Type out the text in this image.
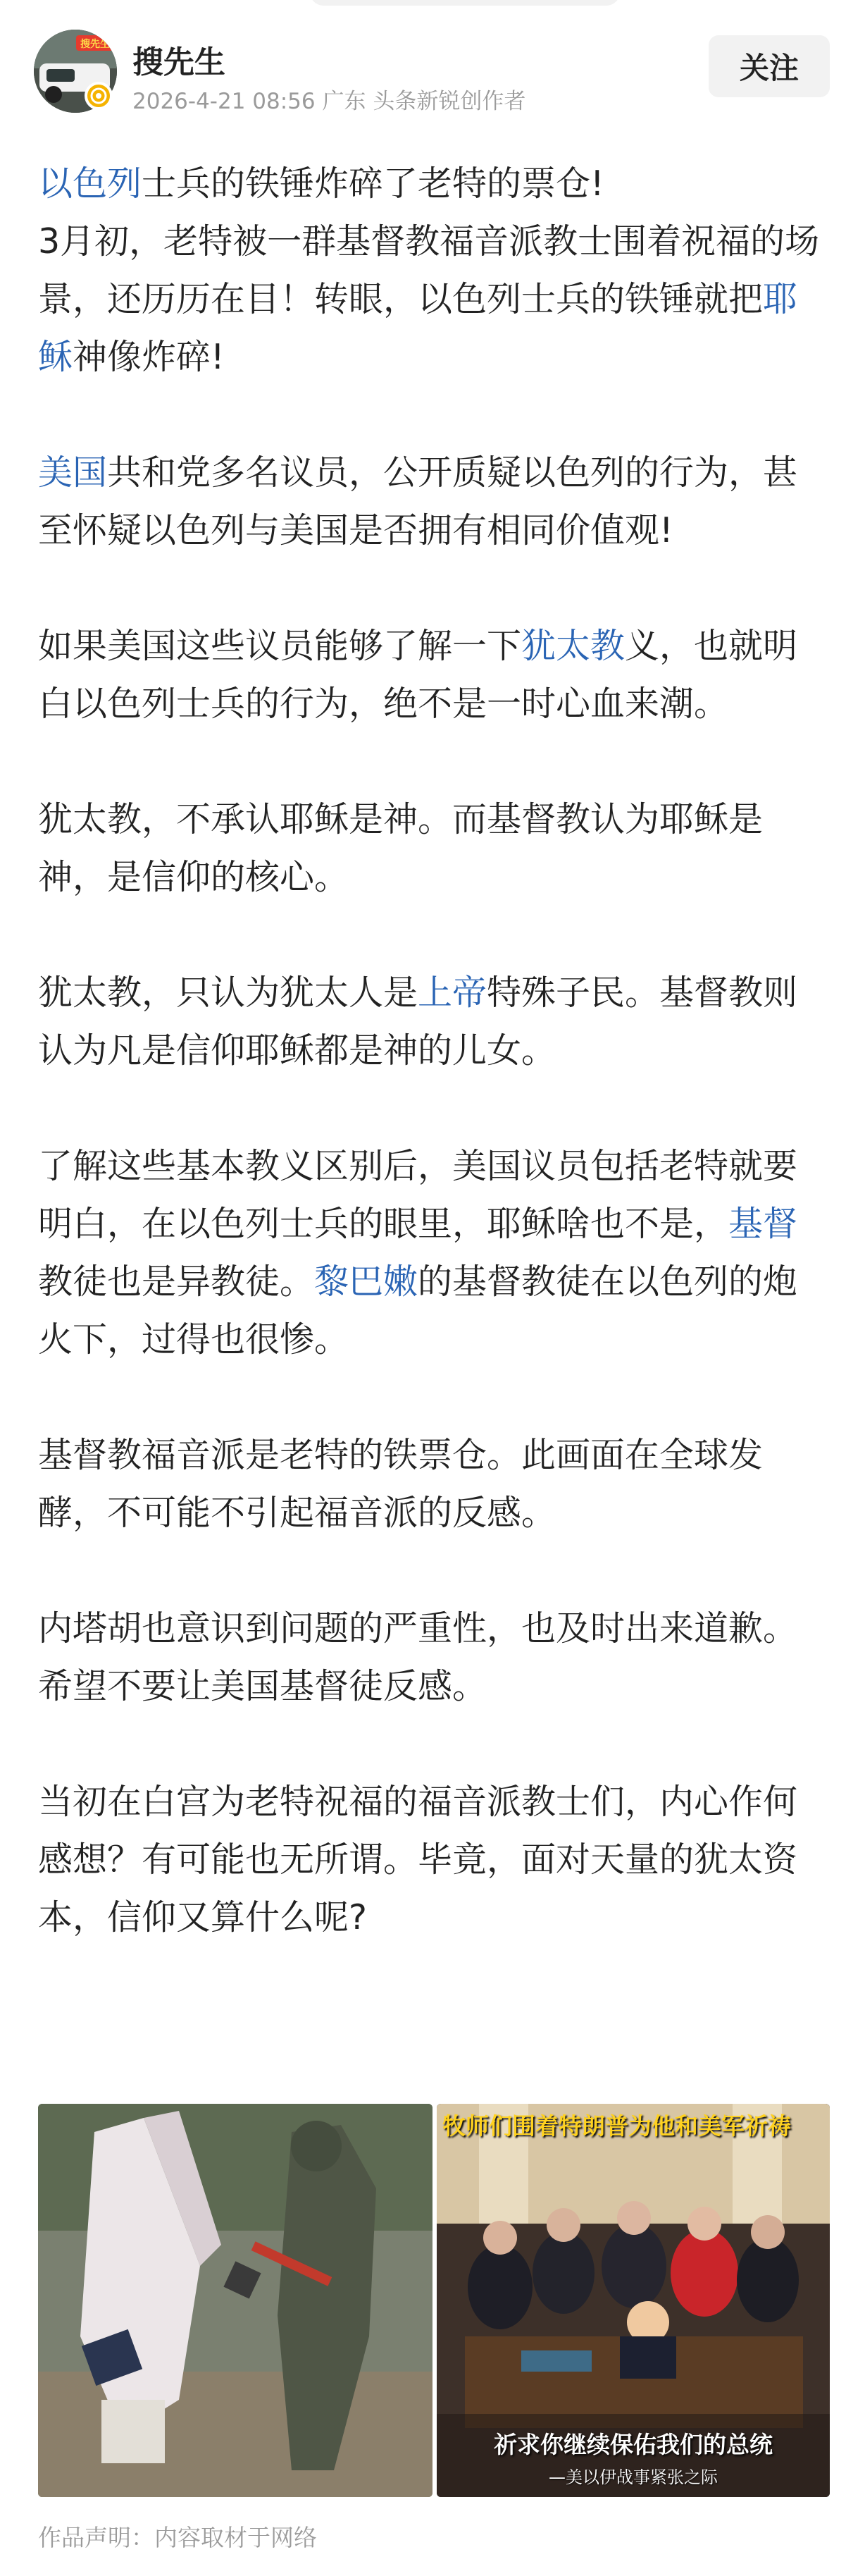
搜先生 搜先生
2026-4-21 08:56 广东 头条新锐创作者
关注

以色列士兵的铁锤炸碎了老特的票仓!
3月初，老特被一群基督教福音派教士围着祝福的场景，还历历在目！转眼，以色列士兵的铁锤就把耶稣神像炸碎!

美国共和党多名议员，公开质疑以色列的行为，甚至怀疑以色列与美国是否拥有相同价值观!

如果美国这些议员能够了解一下犹太教义，也就明白以色列士兵的行为，绝不是一时心血来潮。

犹太教，不承认耶稣是神。而基督教认为耶稣是神，是信仰的核心。

犹太教，只认为犹太人是上帝特殊子民。基督教则认为凡是信仰耶稣都是神的儿女。

了解这些基本教义区别后，美国议员包括老特就要明白，在以色列士兵的眼里，耶稣啥也不是，基督教徒也是异教徒。黎巴嫩的基督教徒在以色列的炮火下，过得也很惨。

基督教福音派是老特的铁票仓。此画面在全球发酵，不可能不引起福音派的反感。

内塔胡也意识到问题的严重性，也及时出来道歉。希望不要让美国基督徒反感。

当初在白宫为老特祝福的福音派教士们，内心作何感想？有可能也无所谓。毕竟，面对天量的犹太资本，信仰又算什么呢?

牧师们围着特朗普为他和美军祈祷
祈求你继续保佑我们的总统
—美以伊战事紧张之际
作品声明：内容取材于网络
